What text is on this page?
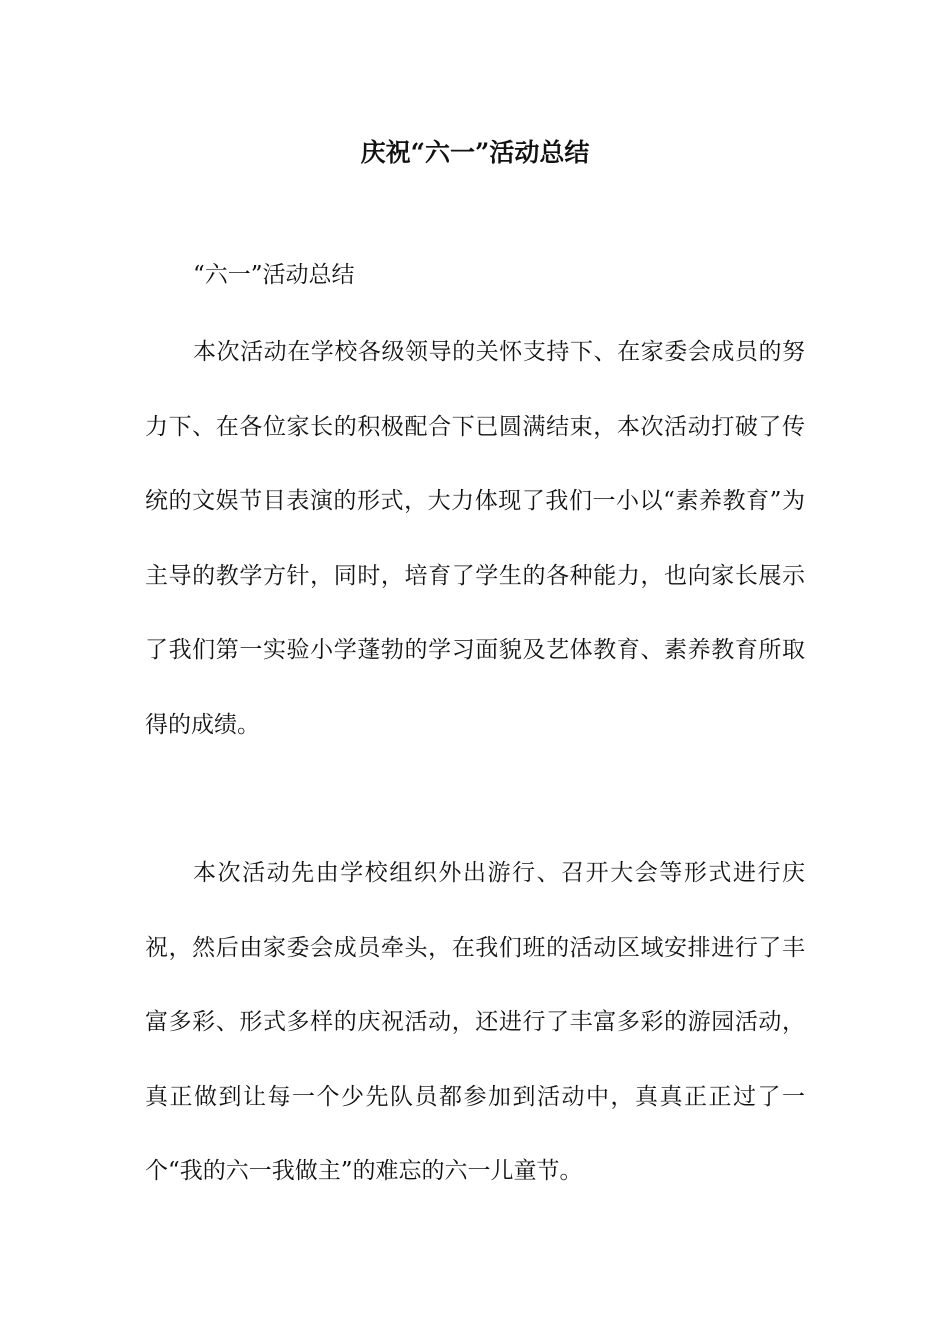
庆祝“六一”活动总结

“六一”活动总结

本次活动在学校各级领导的关怀支持下、在家委会成员的努力下、在各位家长的积极配合下已圆满结束，本次活动打破了传统的文娱节目表演的形式，大力体现了我们一小以“素养教育”为主导的教学方针，同时，培育了学生的各种能力，也向家长展示了我们第一实验小学蓬勃的学习面貌及艺体教育、素养教育所取得的成绩。

本次活动先由学校组织外出游行、召开大会等形式进行庆祝，然后由家委会成员牵头，在我们班的活动区域安排进行了丰富多彩、形式多样的庆祝活动，还进行了丰富多彩的游园活动，真正做到让每一个少先队员都参加到活动中，真真正正过了一个“我的六一我做主”的难忘的六一儿童节。
